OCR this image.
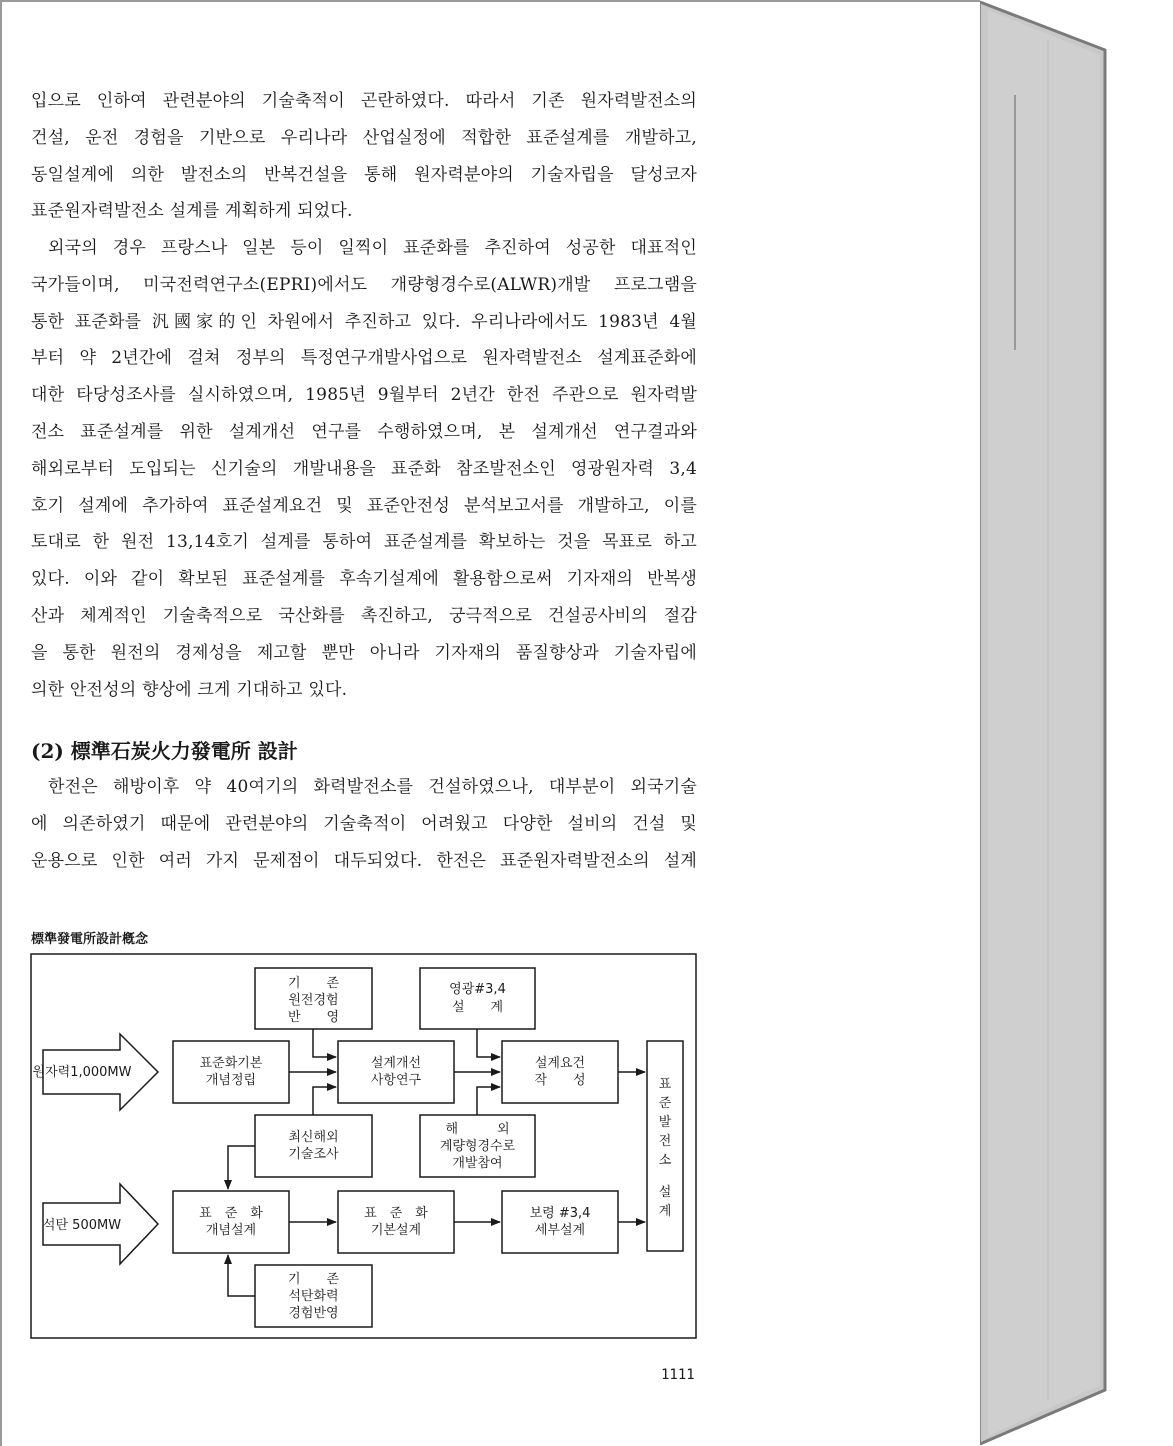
입으로 인하여 관련분야의 기술축적이 곤란하였다. 따라서 기존 원자력발전소의
건설, 운전 경험을 기반으로 우리나라 산업실정에 적합한 표준설계를 개발하고,
동일설계에 의한 발전소의 반복건설을 통해 원자력분야의 기술자립을 달성코자
표준원자력발전소 설계를 계획하게 되었다.
외국의 경우 프랑스나 일본 등이 일찍이 표준화를 추진하여 성공한 대표적인
국가들이며, 미국전력연구소(EPRI)에서도 개량형경수로(ALWR)개발 프로그램을
통한 표준화를 汎國家的인 차원에서 추진하고 있다. 우리나라에서도 1983년 4월
부터 약 2년간에 걸쳐 정부의 특정연구개발사업으로 원자력발전소 설계표준화에
대한 타당성조사를 실시하였으며, 1985년 9월부터 2년간 한전 주관으로 원자력발
전소 표준설계를 위한 설계개선 연구를 수행하였으며, 본 설계개선 연구결과와
해외로부터 도입되는 신기술의 개발내용을 표준화 참조발전소인 영광원자력 3,4
호기 설계에 추가하여 표준설계요건 및 표준안전성 분석보고서를 개발하고, 이를
토대로 한 원전 13,14호기 설계를 통하여 표준설계를 확보하는 것을 목표로 하고
있다. 이와 같이 확보된 표준설계를 후속기설계에 활용함으로써 기자재의 반복생
산과 체계적인 기술축적으로 국산화를 촉진하고, 궁극적으로 건설공사비의 절감
을 통한 원전의 경제성을 제고할 뿐만 아니라 기자재의 품질향상과 기술자립에
의한 안전성의 향상에 크게 기대하고 있다.
(2) 標準石炭火力發電所 設計
한전은 해방이후 약 40여기의 화력발전소를 건설하였으나, 대부분이 외국기술
에 의존하였기 때문에 관련분야의 기술축적이 어려웠고 다양한 설비의 건설 및
운용으로 인한 여러 가지 문제점이 대두되었다. 한전은 표준원자력발전소의 설계
標準發電所設計槪念
원자력1,000MW
석탄 500MW
기　　존
원전경험
반　　영
영광#3,4
설　　계
표준화기본
개념정립
설계개선
사항연구
설계요건
작　　성
최신해외
기술조사
해　　　외
계량형경수로
개발참여
표　준　화
개념설계
표　준　화
기본설계
보령 #3,4
세부설계
기　　존
석탄화력
경험반영
표
준
발
전
소
설
계
1111
